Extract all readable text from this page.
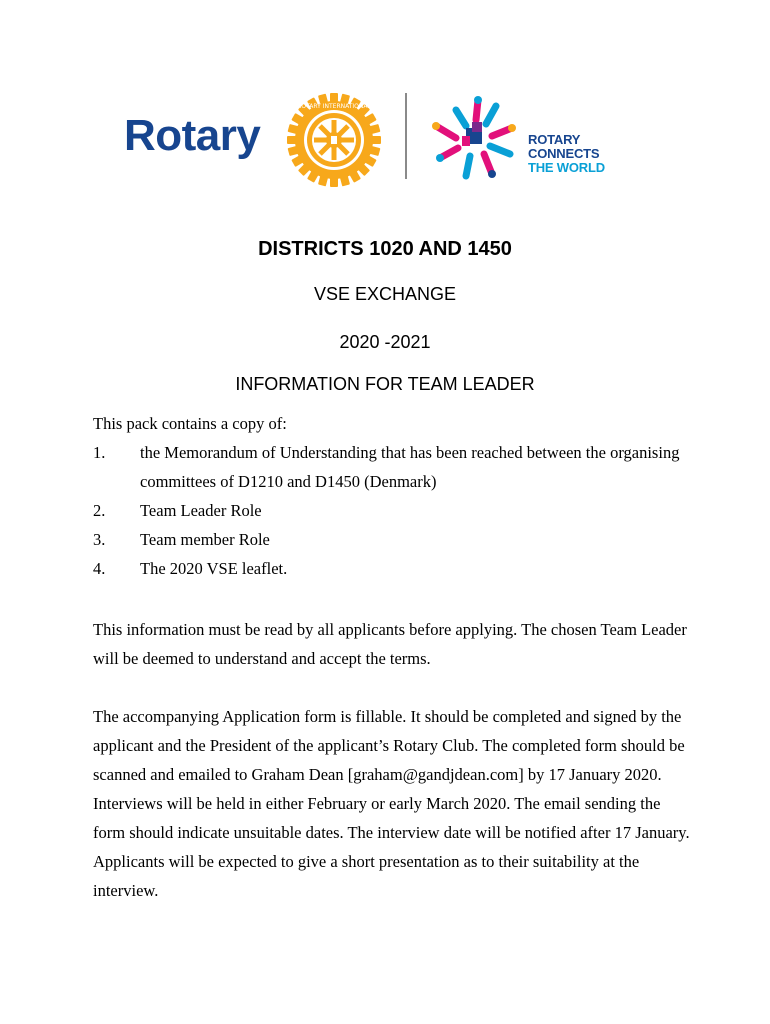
Rotary
ROTARY INTERNATIONAL
ROTARY
CONNECTS
THE WORLD
DISTRICTS 1020 AND 1450
VSE EXCHANGE
2020 -2021
INFORMATION FOR TEAM LEADER
This pack contains a copy of:
1. the Memorandum of Understanding that has been reached between the organising committees of D1210 and D1450 (Denmark)
2. Team Leader Role
3. Team member Role
4. The 2020 VSE leaflet.
This information must be read by all applicants before applying. The chosen Team Leader will be deemed to understand and accept the terms.
The accompanying Application form is fillable. It should be completed and signed by the applicant and the President of the applicant’s Rotary Club. The completed form should be scanned and emailed to Graham Dean [graham@gandjdean.com] by 17 January 2020. Interviews will be held in either February or early March 2020. The email sending the form should indicate unsuitable dates. The interview date will be notified after 17 January. Applicants will be expected to give a short presentation as to their suitability at the interview.
